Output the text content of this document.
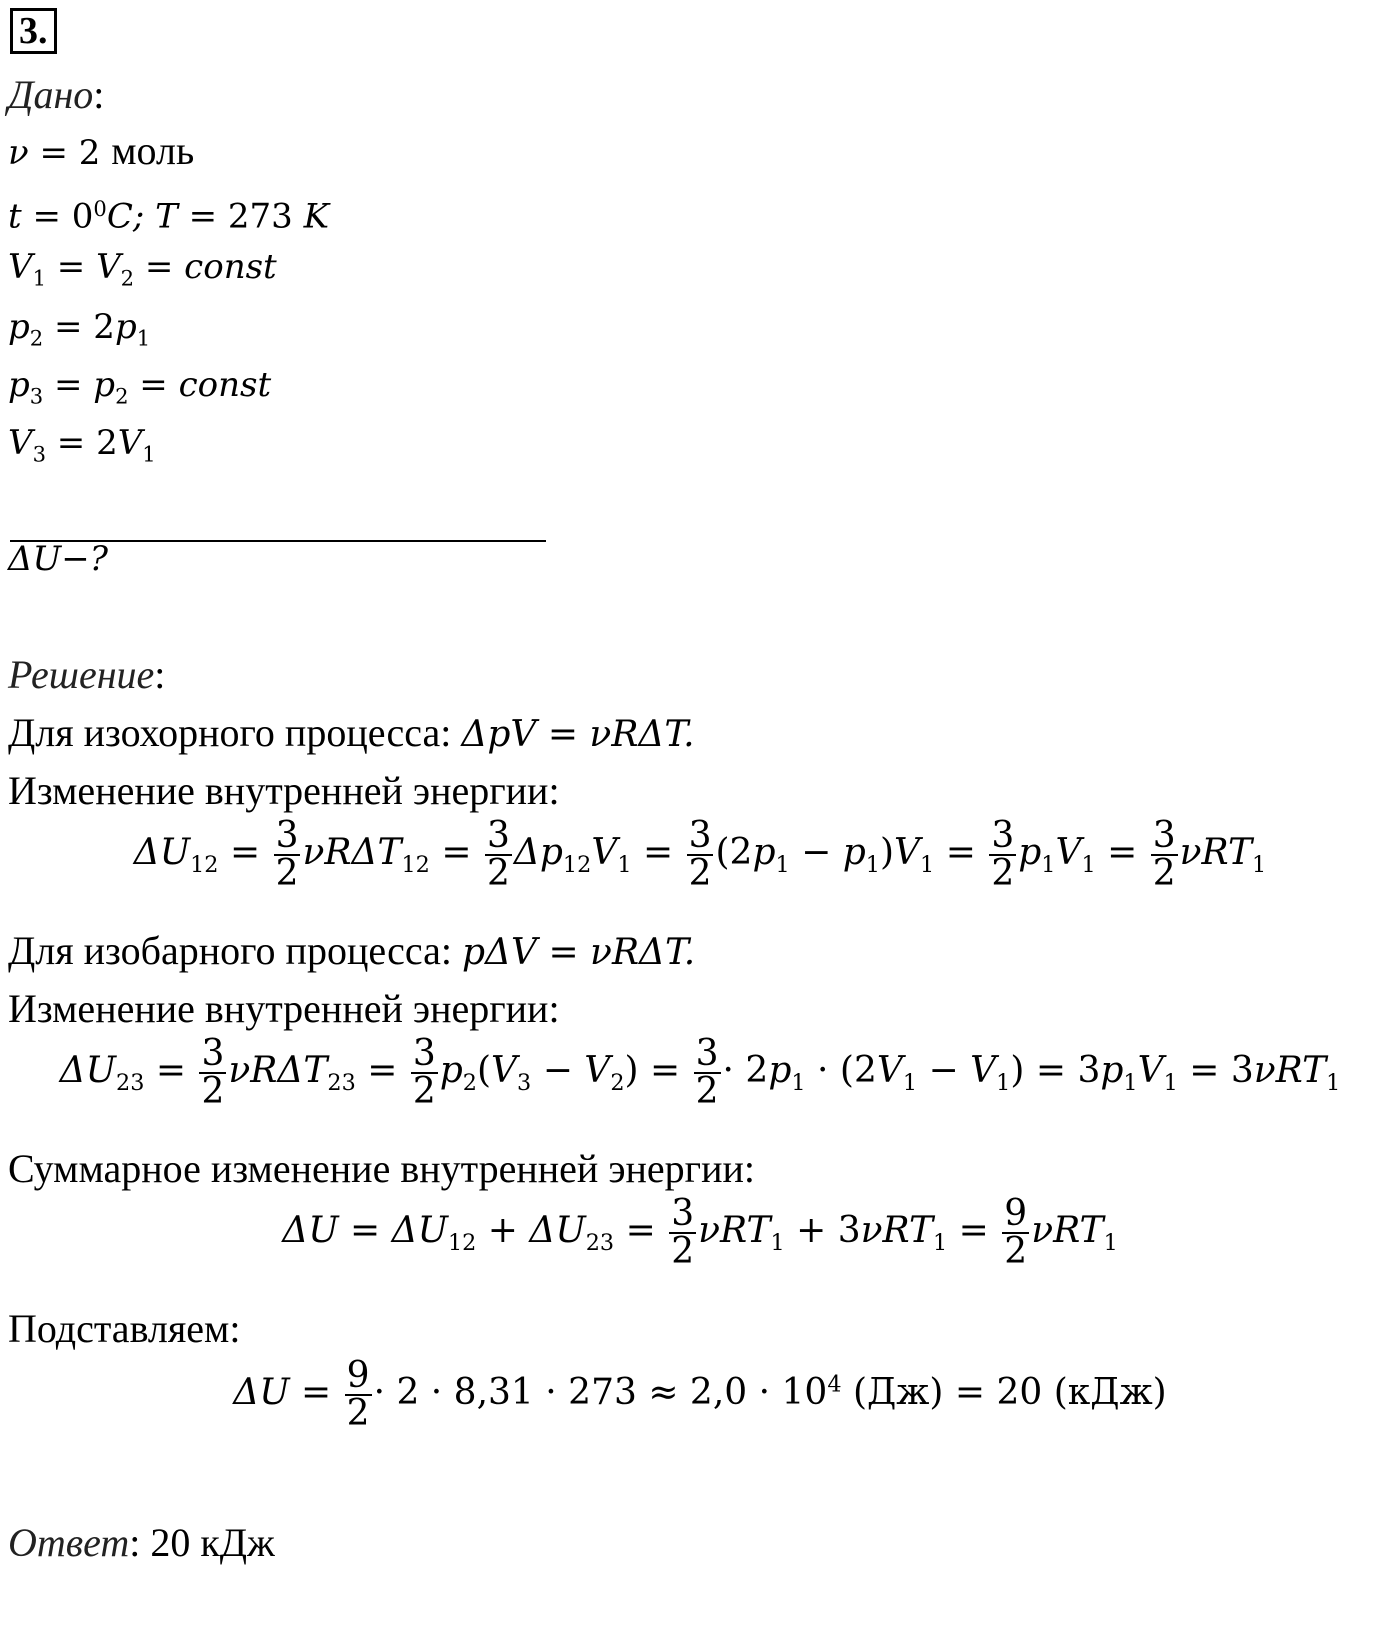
3.
Дано:
ν = 2 моль
$t = 0^0C$; T = 273 K
$V_1 = V_2$ = const
$p_2 = 2p_1$
$p_3 = p_2$ = const
$V_3 = 2V_1$
ΔU−?
Решение:
Для изохорного процесса: ΔpV = νRΔT.
Изменение внутренней энергии:
$\Delta U_{12} = \frac{3}{2} \nu R\Delta T_{12} = \frac{3}{2} \Delta p_{12}V_1 = \frac{3}{2} (2p_1 - p_1)V_1 = \frac{3}{2} p_1V_1 = \frac{3}{2} \nu RT_1$
Для изобарного процесса: pΔV = νRΔT.
Изменение внутренней энергии:
$\Delta U_{23} = \frac{3}{2} \nu R\Delta T_{23} = \frac{3}{2} p_2(V_3 - V_2) = \frac{3}{2} \cdot 2p_1 \cdot (2V_1 - V_1) = 3p_1V_1 = 3\nu RT_1$
Суммарное изменение внутренней энергии:
$\Delta U = \Delta U_{12} + \Delta U_{23} = \frac{3}{2} \nu RT_1 + 3\nu RT_1 = \frac{9}{2} \nu RT_1$
Подставляем:
$\Delta U = \frac{9}{2} \cdot 2 \cdot 8,31 \cdot 273 \approx 2,0 \cdot 10^4$ (Дж) = 20 (кДж)
Ответ: 20 кДж
